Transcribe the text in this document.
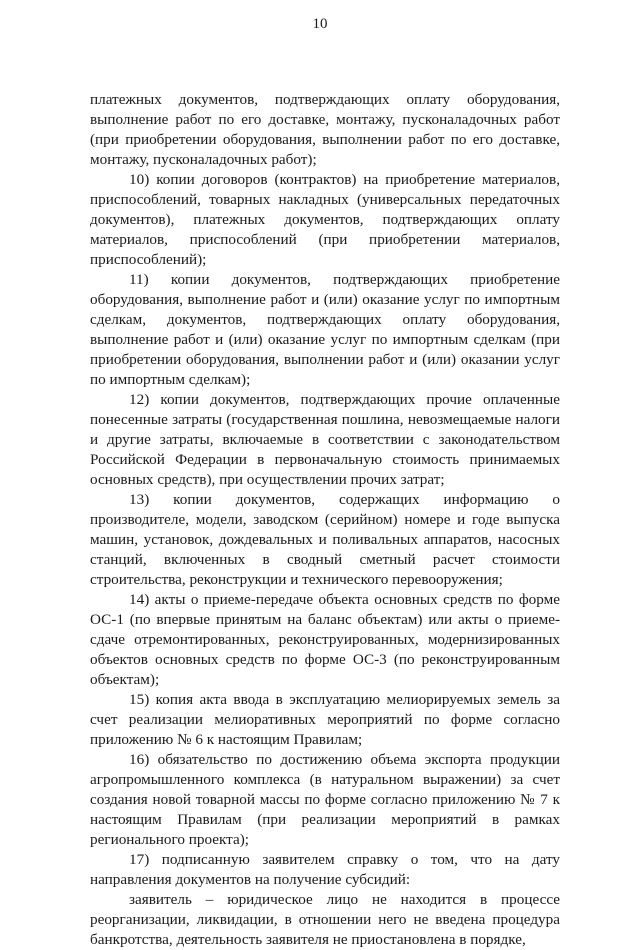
10

платежных документов, подтверждающих оплату оборудования, выполнение работ по его доставке, монтажу, пусконаладочных работ (при приобретении оборудования, выполнении работ по его доставке, монтажу, пусконаладочных работ);

10) копии договоров (контрактов) на приобретение материалов, приспособлений, товарных накладных (универсальных передаточных документов), платежных документов, подтверждающих оплату материалов, приспособлений (при приобретении материалов, приспособлений);

11) копии документов, подтверждающих приобретение оборудования, выполнение работ и (или) оказание услуг по импортным сделкам, документов, подтверждающих оплату оборудования, выполнение работ и (или) оказание услуг по импортным сделкам (при приобретении оборудования, выполнении работ и (или) оказании услуг по импортным сделкам);

12) копии документов, подтверждающих прочие оплаченные понесенные затраты (государственная пошлина, невозмещаемые налоги и другие затраты, включаемые в соответствии с законодательством Российской Федерации в первоначальную стоимость принимаемых основных средств), при осуществлении прочих затрат;

13) копии документов, содержащих информацию о производителе, модели, заводском (серийном) номере и годе выпуска машин, установок, дождевальных и поливальных аппаратов, насосных станций, включенных в сводный сметный расчет стоимости строительства, реконструкции и технического перевооружения;

14) акты о приеме-передаче объекта основных средств по форме ОС-1 (по впервые принятым на баланс объектам) или акты о приеме-сдаче отремонтированных, реконструированных, модернизированных объектов основных средств по форме ОС-3 (по реконструированным объектам);

15) копия акта ввода в эксплуатацию мелиорируемых земель за счет реализации мелиоративных мероприятий по форме согласно приложению № 6 к настоящим Правилам;

16) обязательство по достижению объема экспорта продукции агропромышленного комплекса (в натуральном выражении) за счет создания новой товарной массы по форме согласно приложению № 7 к настоящим Правилам (при реализации мероприятий в рамках регионального проекта);

17) подписанную заявителем справку о том, что на дату направления документов на получение субсидий:

заявитель – юридическое лицо не находится в процессе реорганизации, ликвидации, в отношении него не введена процедура банкротства, деятельность заявителя не приостановлена в порядке,
